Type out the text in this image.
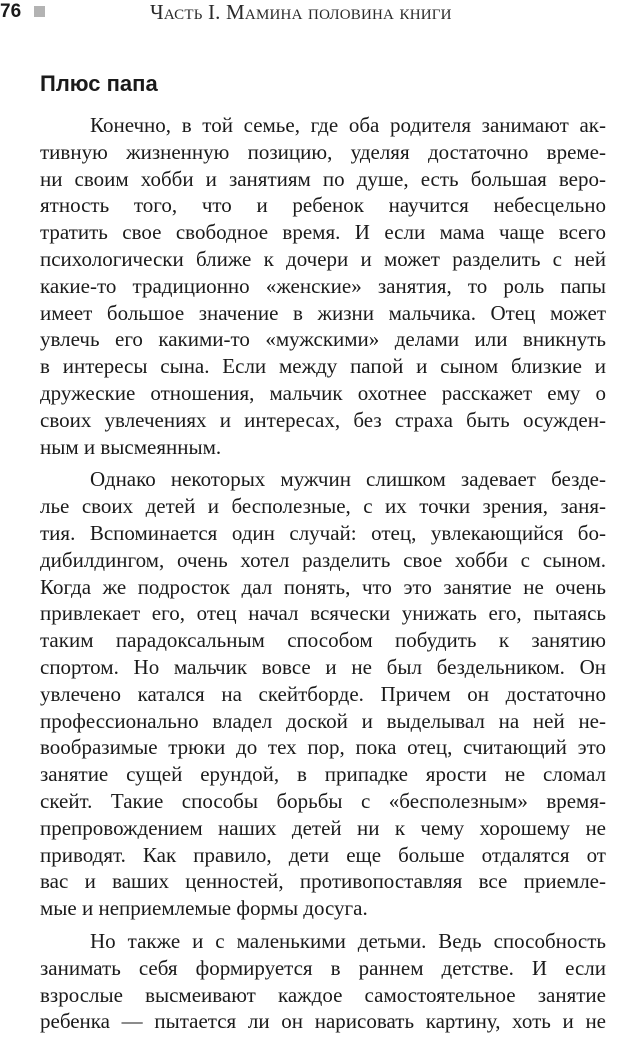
76	Часть I. Мамина половина книги
Плюс папа
Конечно, в той семье, где оба родителя занимают ак-
тивную жизненную позицию, уделяя достаточно време-
ни своим хобби и занятиям по душе, есть большая веро-
ятность того, что и ребенок научится небесцельно
тратить свое свободное время. И если мама чаще всего
психологически ближе к дочери и может разделить с ней
какие-то традиционно «женские» занятия, то роль папы
имеет большое значение в жизни мальчика. Отец может
увлечь его какими-то «мужскими» делами или вникнуть
в интересы сына. Если между папой и сыном близкие и
дружеские отношения, мальчик охотнее расскажет ему о
своих увлечениях и интересах, без страха быть осужден-
ным и высмеянным.
Однако некоторых мужчин слишком задевает безде-
лье своих детей и бесполезные, с их точки зрения, заня-
тия. Вспоминается один случай: отец, увлекающийся бо-
дибилдингом, очень хотел разделить свое хобби с сыном.
Когда же подросток дал понять, что это занятие не очень
привлекает его, отец начал всячески унижать его, пытаясь
таким парадоксальным способом побудить к занятию
спортом. Но мальчик вовсе и не был бездельником. Он
увлечено катался на скейтборде. Причем он достаточно
профессионально владел доской и выделывал на ней не-
вообразимые трюки до тех пор, пока отец, считающий это
занятие сущей ерундой, в припадке ярости не сломал
скейт. Такие способы борьбы с «бесполезным» время-
препровождением наших детей ни к чему хорошему не
приводят. Как правило, дети еще больше отдалятся от
вас и ваших ценностей, противопоставляя все приемле-
мые и неприемлемые формы досуга.
Но также и с маленькими детьми. Ведь способность
занимать себя формируется в раннем детстве. И если
взрослые высмеивают каждое самостоятельное занятие
ребенка — пытается ли он нарисовать картину, хоть и не
